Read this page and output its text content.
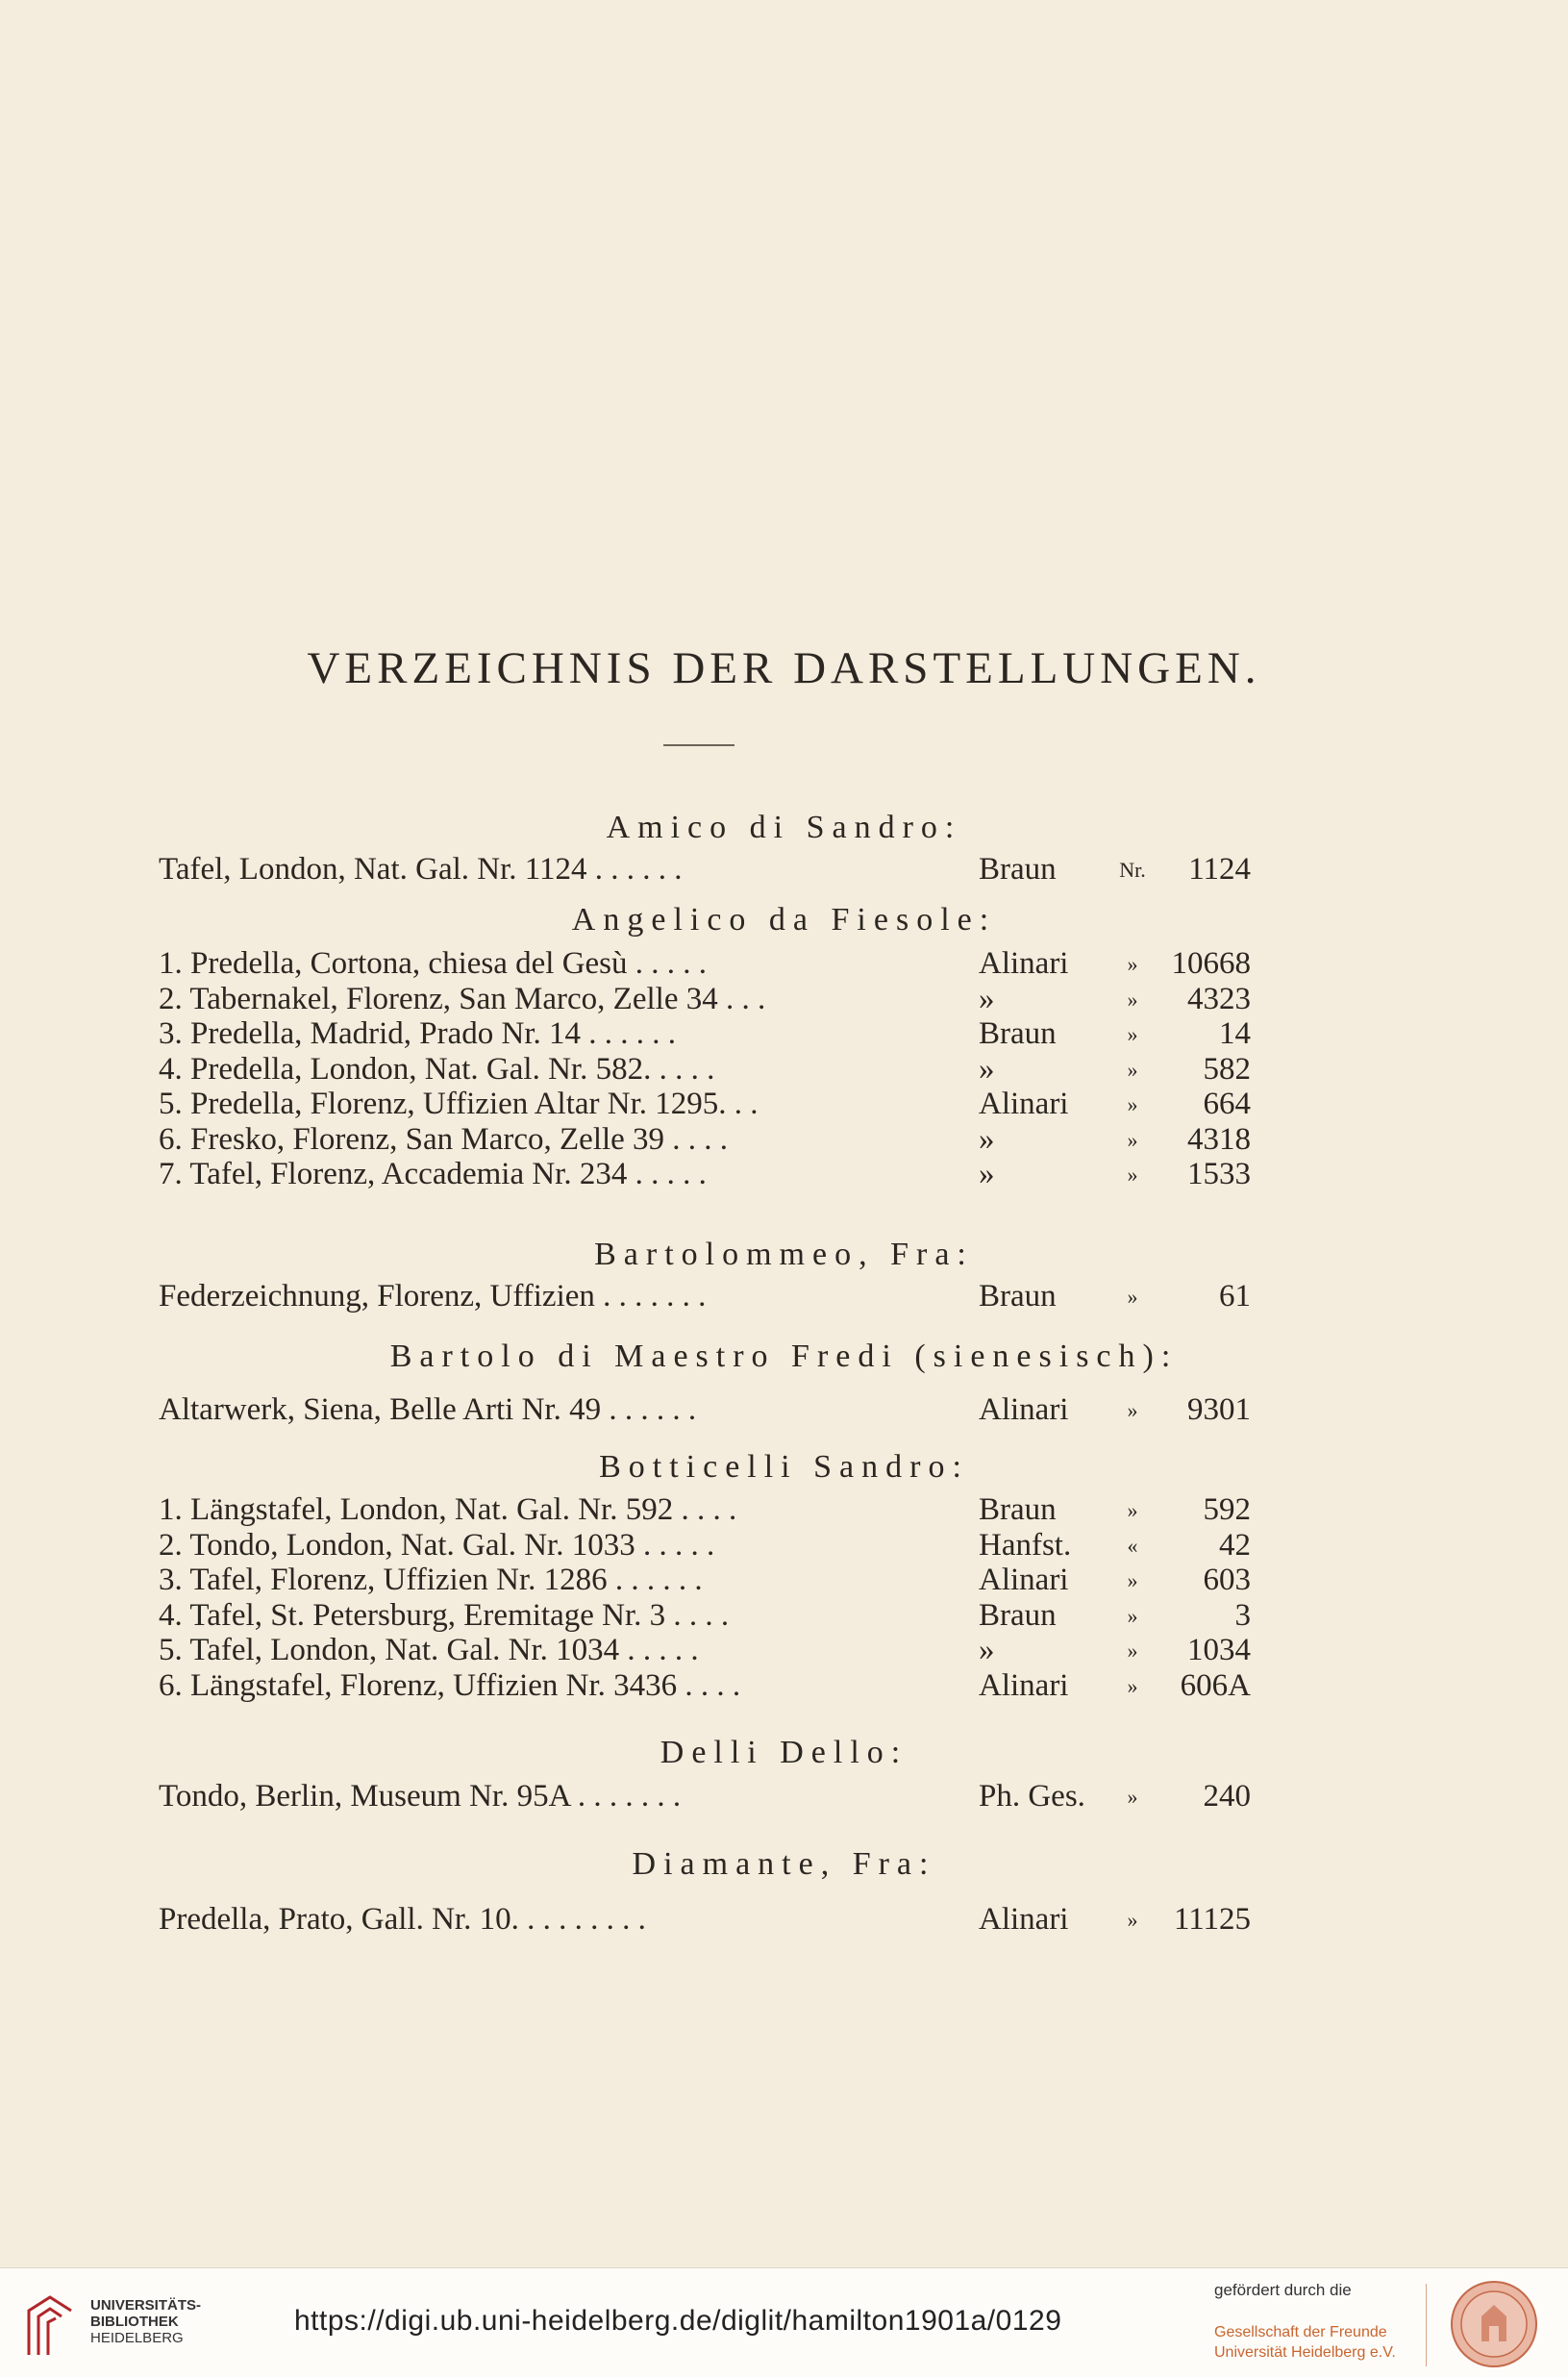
VERZEICHNIS DER DARSTELLUNGEN.
Amico di Sandro:
Tafel, London, Nat. Gal. Nr. 1124 . . . . . .	Braun	Nr. 1124
Angelico da Fiesole:
1. Predella, Cortona, chiesa del Gesù . . . . .	Alinari	»	10668
2. Tabernakel, Florenz, San Marco, Zelle 34 . . .	»	»	4323
3. Predella, Madrid, Prado Nr. 14 . . . . . .	Braun	»	14
4. Predella, London, Nat. Gal. Nr. 582. . . . .	»	»	582
5. Predella, Florenz, Uffizien Altar Nr. 1295. . .	Alinari	»	664
6. Fresko, Florenz, San Marco, Zelle 39 . . . .	»	»	4318
7. Tafel, Florenz, Accademia Nr. 234 . . . . .	»	»	1533
Bartolommeo, Fra:
Federzeichnung, Florenz, Uffizien . . . . . . .	Braun	»	61
Bartolo di Maestro Fredi (sienesisch):
Altarwerk, Siena, Belle Arti Nr. 49 . . . . . .	Alinari	»	9301
Botticelli Sandro:
1. Längstafel, London, Nat. Gal. Nr. 592 . . . .	Braun	»	592
2. Tondo, London, Nat. Gal. Nr. 1033 . . . . .	Hanfst.	«	42
3. Tafel, Florenz, Uffizien Nr. 1286 . . . . . .	Alinari	»	603
4. Tafel, St. Petersburg, Eremitage Nr. 3 . . . .	Braun	»	3
5. Tafel, London, Nat. Gal. Nr. 1034 . . . . .	»	»	1034
6. Längstafel, Florenz, Uffizien Nr. 3436 . . . .	Alinari	»	606A
Delli Dello:
Tondo, Berlin, Museum Nr. 95A . . . . . . .	Ph. Ges.	»	240
Diamante, Fra:
Predella, Prato, Gall. Nr. 10. . . . . . . . .	Alinari	»	11125
UNIVERSITÄTS-
BIBLIOTHEK
HEIDELBERG
https://digi.ub.uni-heidelberg.de/diglit/hamilton1901a/0129
gefördert durch die
Gesellschaft der Freunde
Universität Heidelberg e.V.
